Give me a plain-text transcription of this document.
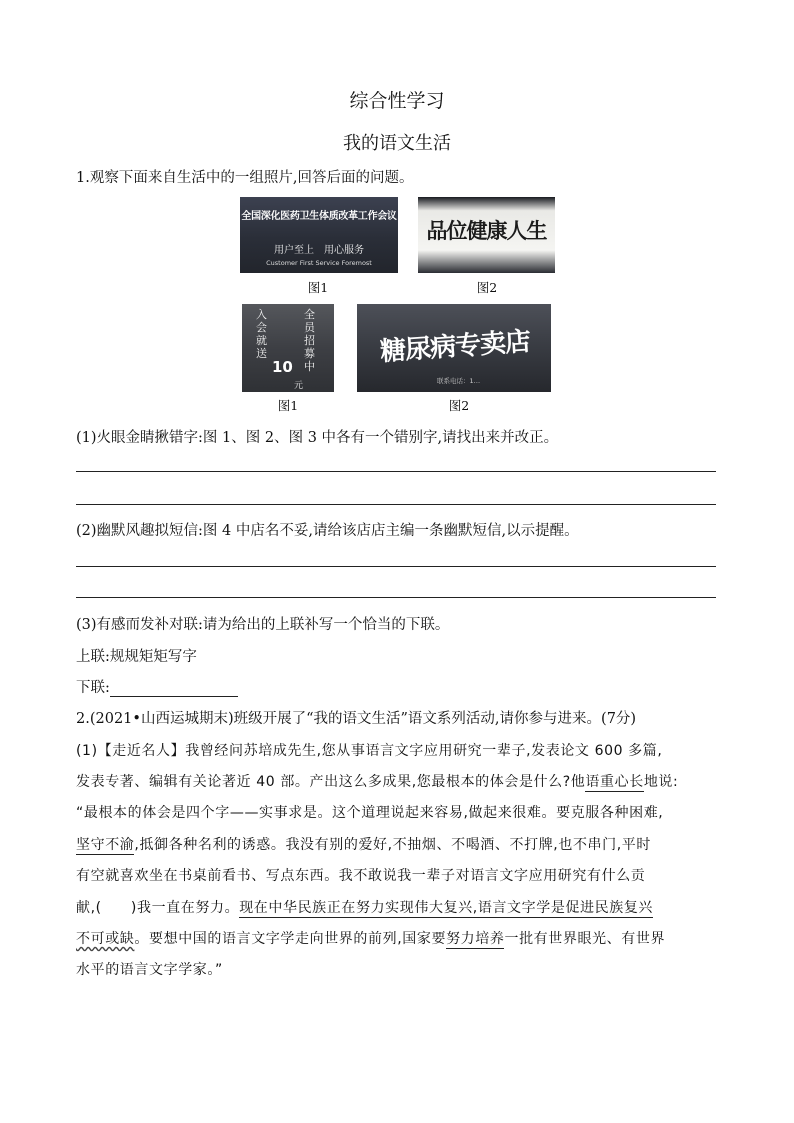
综合性学习
我的语文生活
1.观察下面来自生活中的一组照片,回答后面的问题。
全国深化医药卫生体质改革工作会议
用户至上　用心服务
Customer First Service Foremost
品位健康人生
图1	图2
入会就送
全员招募中
10
元
糖尿病专卖店
联系电话：1…
图1	图2
(1)火眼金睛揪错字:图 1、图 2、图 3 中各有一个错别字,请找出来并改正。
(2)幽默风趣拟短信:图 4 中店名不妥,请给该店店主编一条幽默短信,以示提醒。
(3)有感而发补对联:请为给出的上联补写一个恰当的下联。
上联:规规矩矩写字
下联:
2.(2021•山西运城期末)班级开展了“我的语文生活”语文系列活动,请你参与进来。(7分)
(1)【走近名人】我曾经问苏培成先生,您从事语言文字应用研究一辈子,发表论文 600 多篇,
发表专著、编辑有关论著近 40 部。产出这么多成果,您最根本的体会是什么?他语重心长地说:
“最根本的体会是四个字——实事求是。这个道理说起来容易,做起来很难。要克服各种困难,
坚守不渝,抵御各种名利的诱惑。我没有别的爱好,不抽烟、不喝酒、不打牌,也不串门,平时
有空就喜欢坐在书桌前看书、写点东西。我不敢说我一辈子对语言文字应用研究有什么贡
献,(　　)我一直在努力。现在中华民族正在努力实现伟大复兴,语言文字学是促进民族复兴
不可或缺。要想中国的语言文字学走向世界的前列,国家要努力培养一批有世界眼光、有世界
水平的语言文字学家。”
